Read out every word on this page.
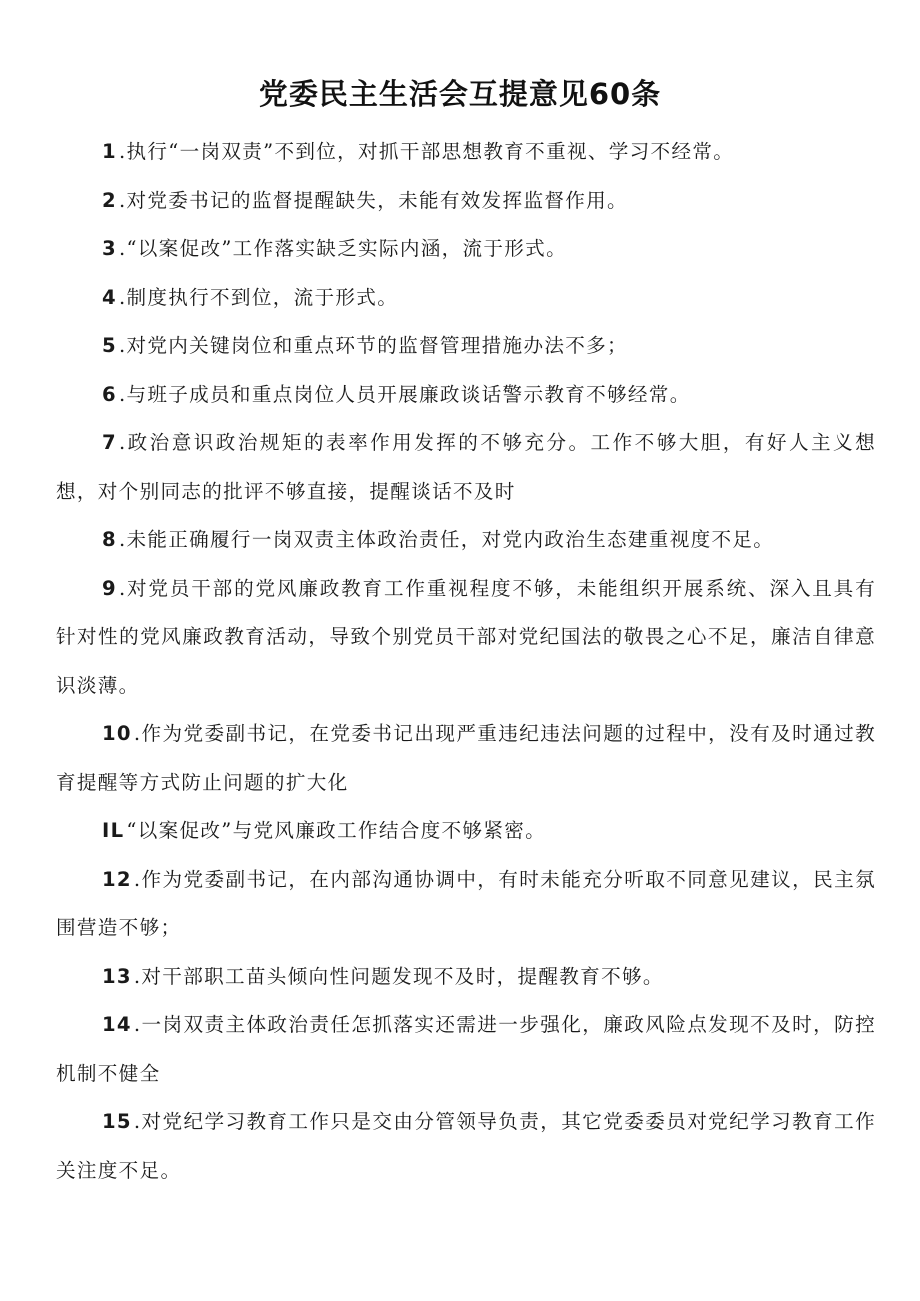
党委民主生活会互提意见60条

1 .执行“一岗双责”不到位，对抓干部思想教育不重视、学习不经常。

2 .对党委书记的监督提醒缺失，未能有效发挥监督作用。

3 .“以案促改”工作落实缺乏实际内涵，流于形式。

4 .制度执行不到位，流于形式。

5 .对党内关键岗位和重点环节的监督管理措施办法不多；

6 .与班子成员和重点岗位人员开展廉政谈话警示教育不够经常。

7 .政治意识政治规矩的表率作用发挥的不够充分。工作不够大胆，有好人主义想想，对个别同志的批评不够直接，提醒谈话不及时

8 .未能正确履行一岗双责主体政治责任，对党内政治生态建重视度不足。

9 .对党员干部的党风廉政教育工作重视程度不够，未能组织开展系统、深入且具有针对性的党风廉政教育活动，导致个别党员干部对党纪国法的敬畏之心不足，廉洁自律意识淡薄。

10 .作为党委副书记，在党委书记出现严重违纪违法问题的过程中，没有及时通过教育提醒等方式防止问题的扩大化

IL “以案促改”与党风廉政工作结合度不够紧密。

12 .作为党委副书记，在内部沟通协调中，有时未能充分听取不同意见建议，民主氛围营造不够；

13 .对干部职工苗头倾向性问题发现不及时，提醒教育不够。

14 .一岗双责主体政治责任怎抓落实还需进一步强化，廉政风险点发现不及时，防控机制不健全

15 .对党纪学习教育工作只是交由分管领导负责，其它党委委员对党纪学习教育工作关注度不足。
